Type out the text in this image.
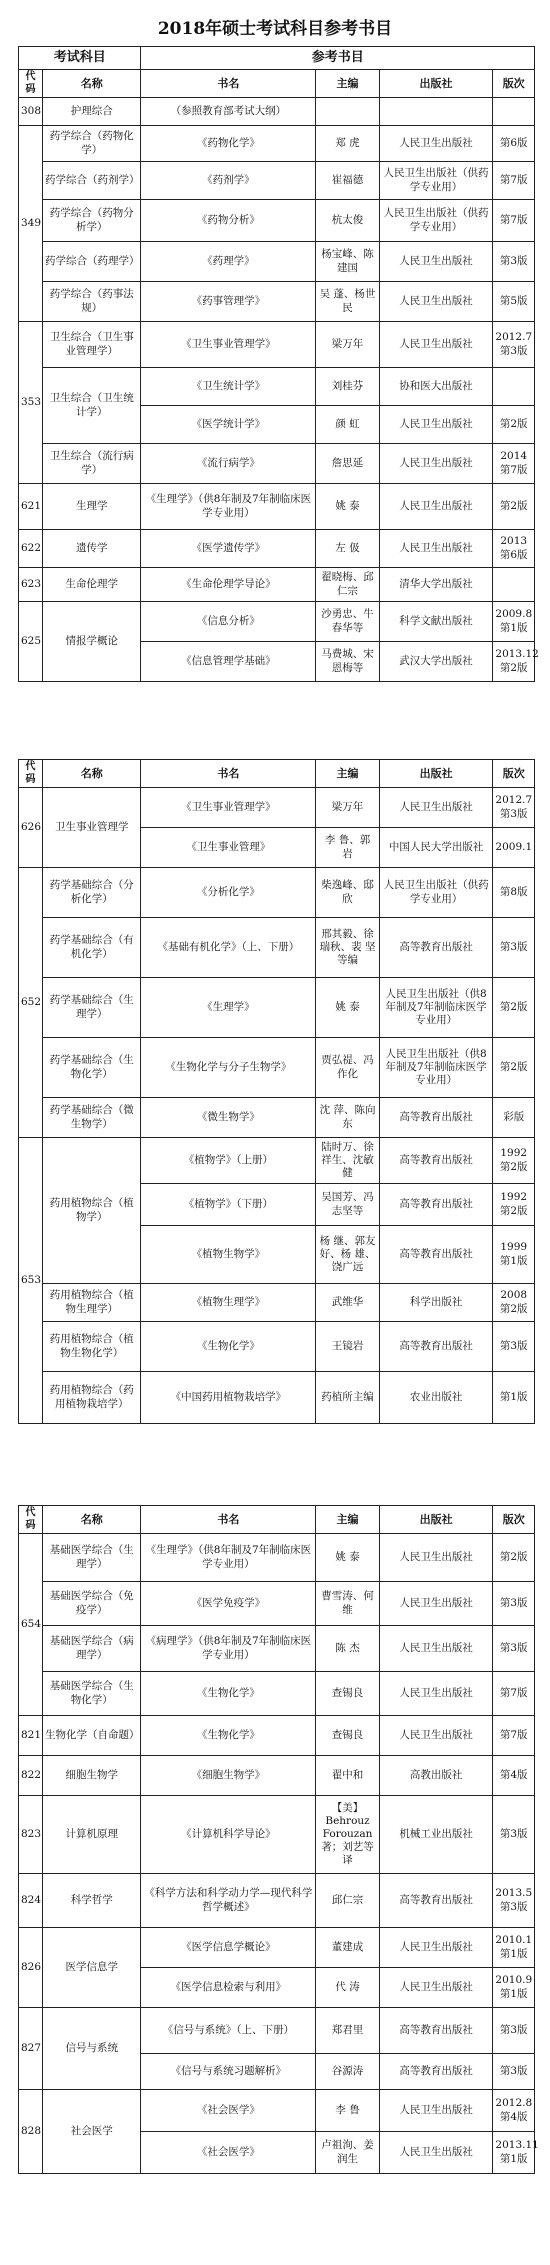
2018年硕士考试科目参考书目
考试科目		参考书目			
代码	名称	书名	主编	出版社	版次
308	护理综合	（参照教育部考试大纲）			
349	药学综合（药物化学）	《药物化学》	郑 虎	人民卫生出版社	第6版
	药学综合（药剂学）	《药剂学》	崔福德	人民卫生出版社（供药学专业用）	第7版
	药学综合（药物分析学）	《药物分析》	杭太俊	人民卫生出版社（供药学专业用）	第7版
	药学综合（药理学）	《药理学》	杨宝峰、陈建国	人民卫生出版社	第3版
	药学综合（药事法规）	《药事管理学》	吴 蓬、杨世民	人民卫生出版社	第5版
353	卫生综合（卫生事业管理学）	《卫生事业管理学》	梁万年	人民卫生出版社	2012.7第3版
	卫生综合（卫生统计学）	《卫生统计学》	刘桂芬	协和医大出版社	
		《医学统计学》	颜 虹	人民卫生出版社	第2版
	卫生综合（流行病学）	《流行病学》	詹思延	人民卫生出版社	2014第7版
621	生理学	《生理学》（供8年制及7年制临床医学专业用）	姚 泰	人民卫生出版社	第2版
622	遗传学	《医学遗传学》	左 伋	人民卫生出版社	2013第6版
623	生命伦理学	《生命伦理学导论》	翟晓梅、邱仁宗	清华大学出版社	
625	情报学概论	《信息分析》	沙勇忠、牛春华等	科学文献出版社	2009.8第1版
		《信息管理学基础》	马费城、宋恩梅等	武汉大学出版社	2013.12第2版
代码	名称	书名	主编	出版社	版次
626	卫生事业管理学	《卫生事业管理学》	梁万年	人民卫生出版社	2012.7第3版
		《卫生事业管理》	李 鲁、郭 岩	中国人民大学出版社	2009.1
652	药学基础综合（分析化学）	《分析化学》	柴逸峰、邸 欣	人民卫生出版社（供药学专业用）	第8版
	药学基础综合（有机化学）	《基础有机化学》（上、下册）	邢其毅、徐瑞秋、裴 坚等编	高等教育出版社	第3版
	药学基础综合（生理学）	《生理学》	姚 泰	人民卫生出版社（供8年制及7年制临床医学专业用）	第2版
	药学基础综合（生物化学）	《生物化学与分子生物学》	贾弘禔、冯作化	人民卫生出版社（供8年制及7年制临床医学专业用）	第2版
	药学基础综合（微生物学）	《微生物学》	沈 萍、陈向东	高等教育出版社	彩版
653	药用植物综合（植物学）	《植物学》（上册）	陆时万、徐祥生、沈敏健	高等教育出版社	1992第2版
		《植物学》（下册）	吴国芳、冯志坚等	高等教育出版社	1992第2版
		《植物生物学》	杨 继、郭友好、杨 雄、饶广远	高等教育出版社	1999第1版
	药用植物综合（植物生理学）	《植物生理学》	武维华	科学出版社	2008第2版
	药用植物综合（植物生物化学）	《生物化学》	王镜岩	高等教育出版社	第3版
	药用植物综合（药用植物栽培学）	《中国药用植物栽培学》	药植所主编	农业出版社	第1版
代码	名称	书名	主编	出版社	版次
654	基础医学综合（生理学）	《生理学》（供8年制及7年制临床医学专业用）	姚 泰	人民卫生出版社	第2版
	基础医学综合（免疫学）	《医学免疫学》	曹雪涛、何 维	人民卫生出版社	第3版
	基础医学综合（病理学）	《病理学》（供8年制及7年制临床医学专业用）	陈 杰	人民卫生出版社	第3版
	基础医学综合（生物化学）	《生物化学》	查锡良	人民卫生出版社	第7版
821	生物化学（自命题）	《生物化学》	查锡良	人民卫生出版社	第7版
822	细胞生物学	《细胞生物学》	翟中和	高教出版社	第4版
823	计算机原理	《计算机科学导论》	【美】Behrouz Forouzan著；刘艺等 译	机械工业出版社	第3版
824	科学哲学	《科学方法和科学动力学—现代科学哲学概述》	邱仁宗	高等教育出版社	2013.5第3版
826	医学信息学	《医学信息学概论》	董建成	人民卫生出版社	2010.1第1版
		《医学信息检索与利用》	代 涛	人民卫生出版社	2010.9第1版
827	信号与系统	《信号与系统》（上、下册）	郑君里	高等教育出版社	第3版
		《信号与系统习题解析》	谷源涛	高等教育出版社	第3版
828	社会医学	《社会医学》	李 鲁	人民卫生出版社	2012.8第4版
		《社会医学》	卢祖洵、姜润生	人民卫生出版社	2013.11第1版
